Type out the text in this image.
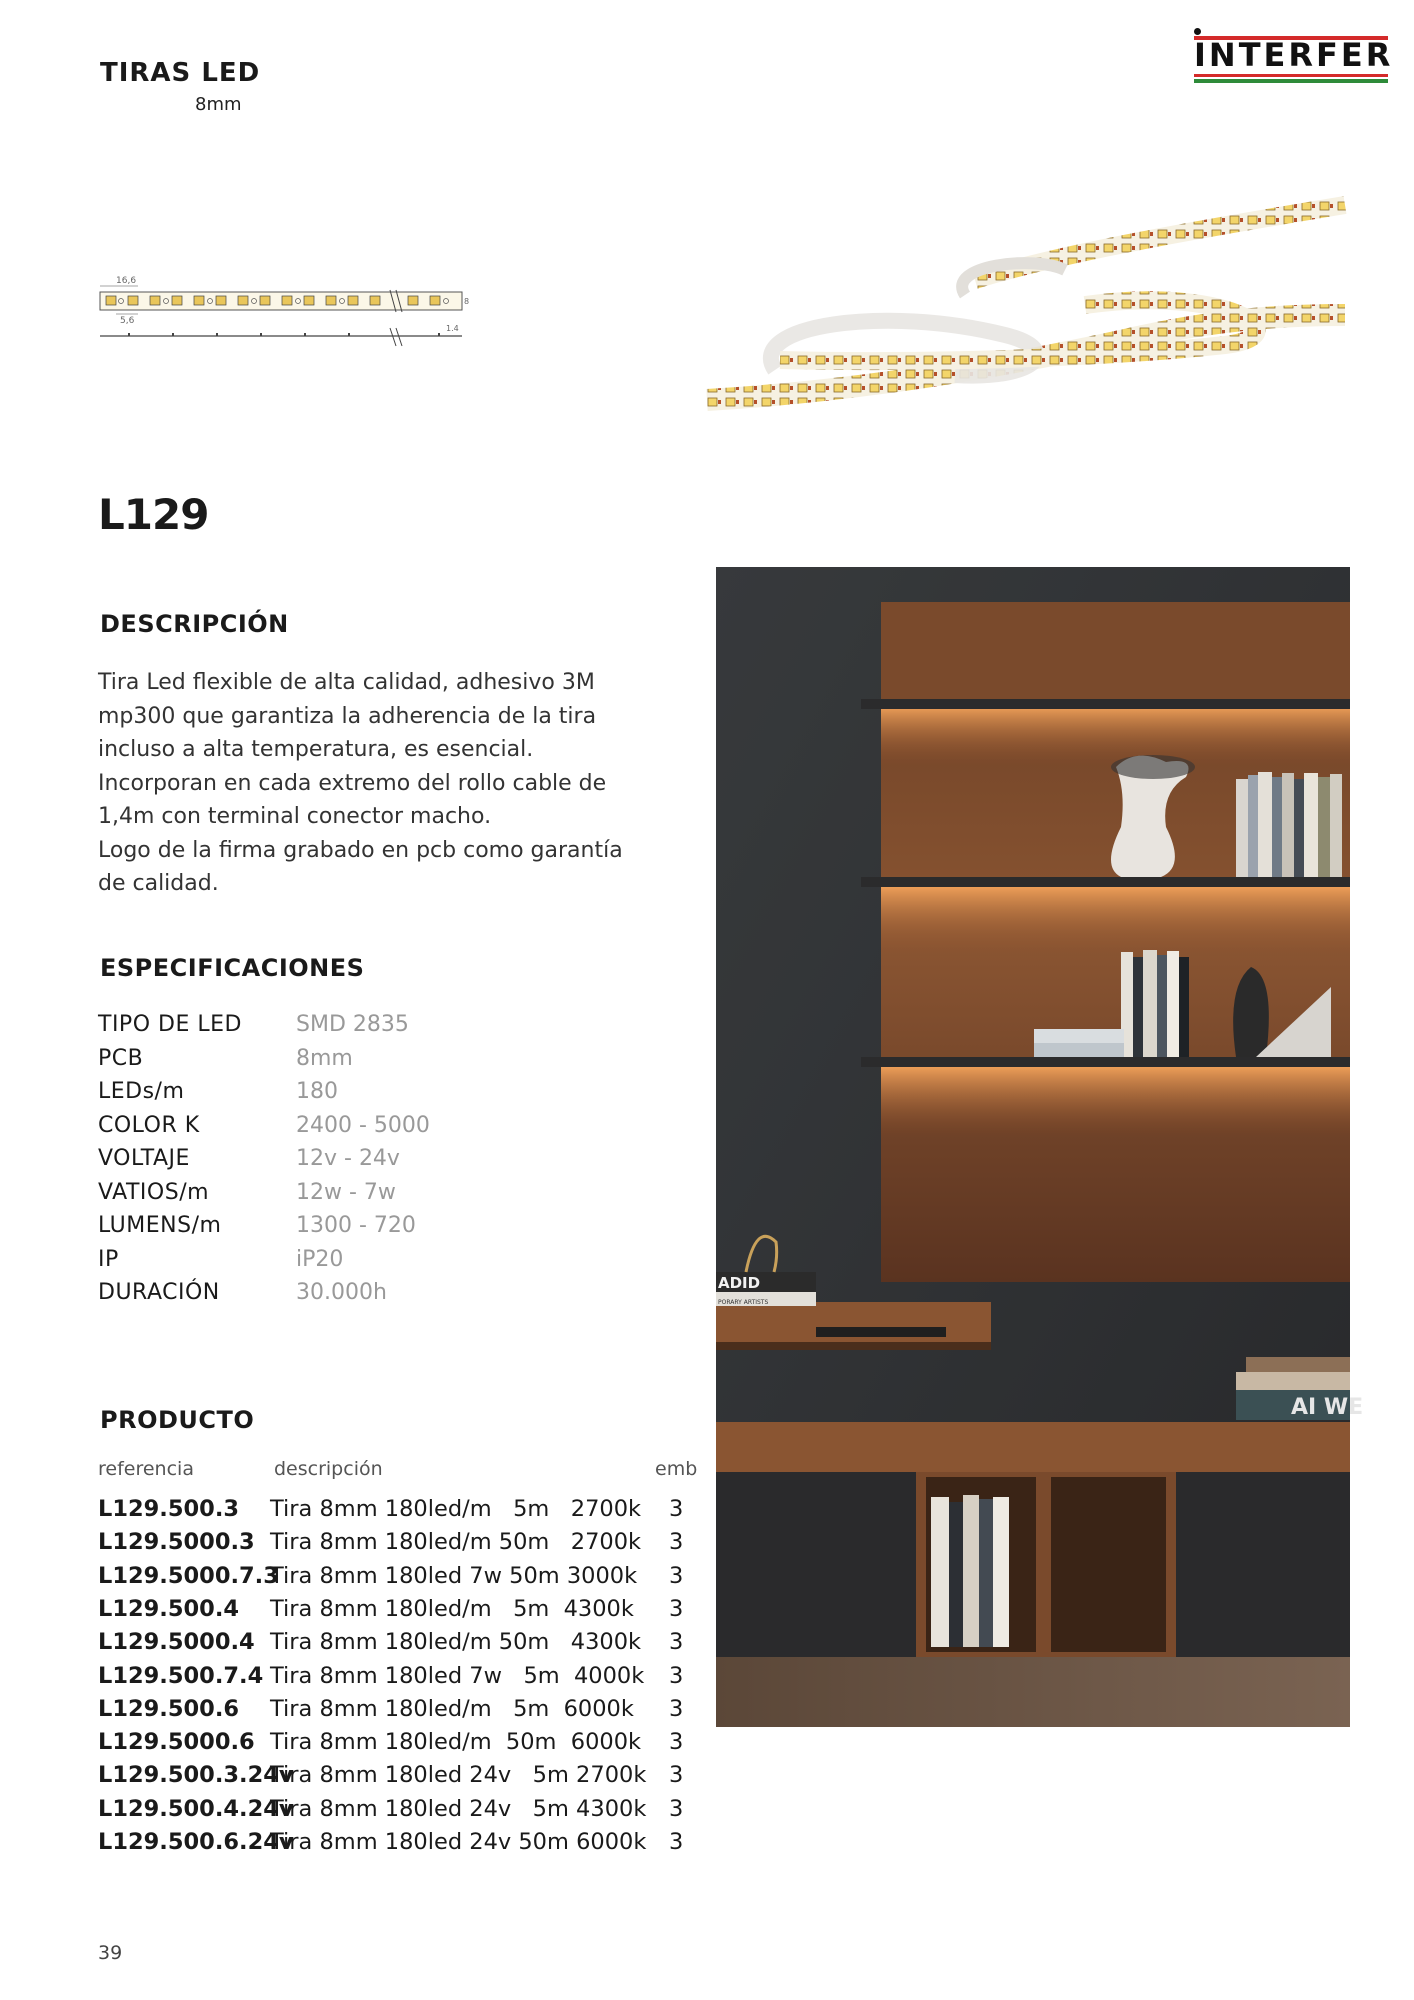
TIRAS LED
8mm
INTERFER
16,6
8
5,6
1.4
L129
DESCRIPCIÓN

Tira Led flexible de alta calidad, adhesivo 3M

mp300 que garantiza la adherencia de la tira

incluso a alta temperatura, es esencial.

Incorporan en cada extremo del rollo cable de

1,4m con terminal conector macho.

Logo de la firma grabado en pcb como garantía

de calidad.

ESPECIFICACIONES
TIPO DE LED SMD 2835
PCB	8mm
LEDs/m	180
COLOR K	2400 - 5000
VOLTAJE	12v - 24v
VATIOS/m	12w - 7w
LUMENS/m	1300 - 720
IP	iP20
DURACIÓN	30.000h
PRODUCTO
referencia	descripción	emb
L129.500.3 Tira 8mm 180led/m   5m   2700k 3
L129.5000.3 Tira 8mm 180led/m 50m   2700k 3
L129.5000.7.3
Tira 8mm 180led 7w 50m 3000k 3
L129.500.4 Tira 8mm 180led/m   5m  4300k 3
L129.5000.4 Tira 8mm 180led/m 50m   4300k 3
L129.500.7.4 Tira 8mm 180led 7w   5m  4000k 3
L129.500.6 Tira 8mm 180led/m   5m  6000k 3
L129.5000.6 Tira 8mm 180led/m  50m  6000k 3
L129.500.3.24v
Tira 8mm 180led 24v   5m 2700k 3
L129.500.4.24v
Tira 8mm 180led 24v   5m 4300k 3
L129.500.6.24v
Tira 8mm 180led 24v 50m 6000k 3
ADID
PORARY ARTISTS
AI WE
39
